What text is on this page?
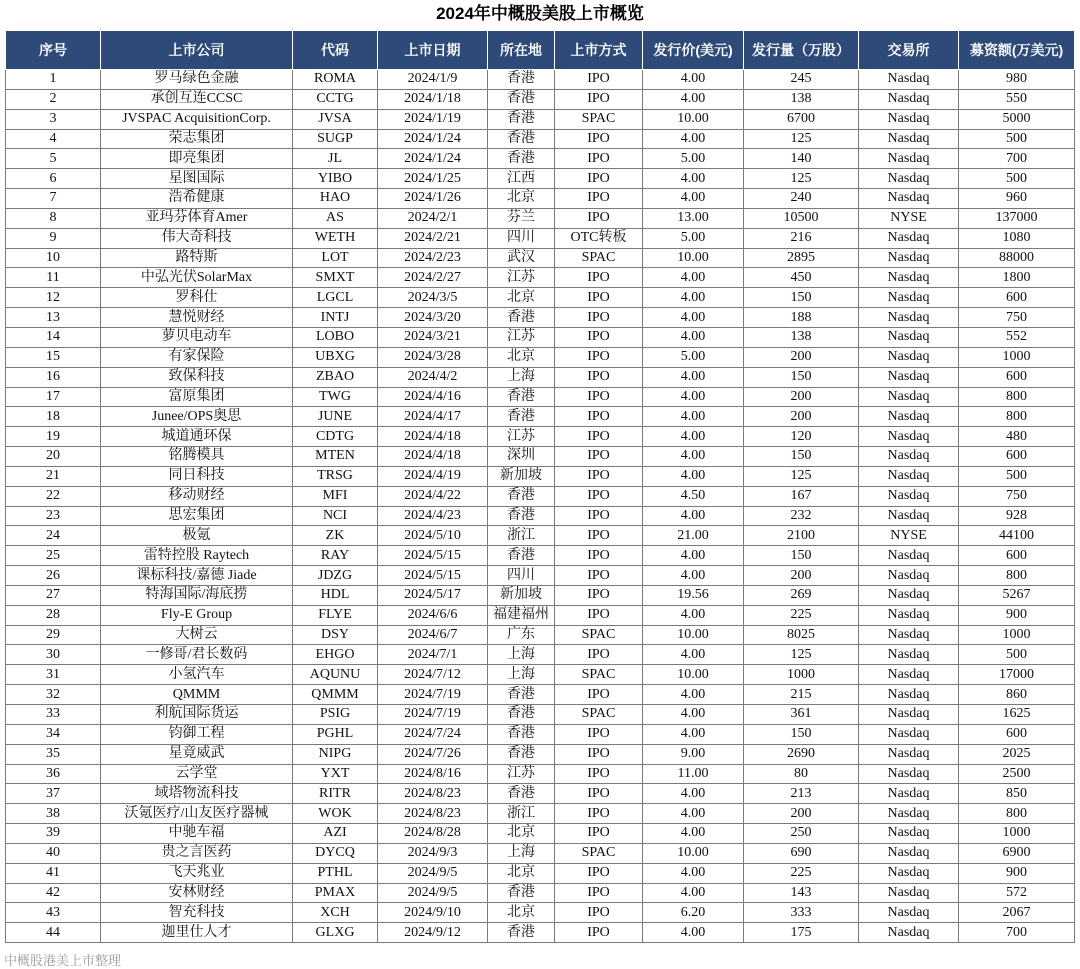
2024年中概股美股上市概览
序号	上市公司	代码	上市日期	所在地	上市方式	发行价(美元)	发行量（万股）	交易所	募资额(万美元)
1	罗马绿色金融	ROMA	2024/1/9	香港	IPO	4.00	245	Nasdaq	980
2	承创互连CCSC	CCTG	2024/1/18	香港	IPO	4.00	138	Nasdaq	550
3	JVSPAC AcquisitionCorp.	JVSA	2024/1/19	香港	SPAC	10.00	6700	Nasdaq	5000
4	荣志集团	SUGP	2024/1/24	香港	IPO	4.00	125	Nasdaq	500
5	即亮集团	JL	2024/1/24	香港	IPO	5.00	140	Nasdaq	700
6	星图国际	YIBO	2024/1/25	江西	IPO	4.00	125	Nasdaq	500
7	浩希健康	HAO	2024/1/26	北京	IPO	4.00	240	Nasdaq	960
8	亚玛芬体育Amer	AS	2024/2/1	芬兰	IPO	13.00	10500	NYSE	137000
9	伟大奇科技	WETH	2024/2/21	四川	OTC转板	5.00	216	Nasdaq	1080
10	路特斯	LOT	2024/2/23	武汉	SPAC	10.00	2895	Nasdaq	88000
11	中弘光伏SolarMax	SMXT	2024/2/27	江苏	IPO	4.00	450	Nasdaq	1800
12	罗科仕	LGCL	2024/3/5	北京	IPO	4.00	150	Nasdaq	600
13	慧悦财经	INTJ	2024/3/20	香港	IPO	4.00	188	Nasdaq	750
14	萝贝电动车	LOBO	2024/3/21	江苏	IPO	4.00	138	Nasdaq	552
15	有家保险	UBXG	2024/3/28	北京	IPO	5.00	200	Nasdaq	1000
16	致保科技	ZBAO	2024/4/2	上海	IPO	4.00	150	Nasdaq	600
17	富原集团	TWG	2024/4/16	香港	IPO	4.00	200	Nasdaq	800
18	Junee/OPS奥思	JUNE	2024/4/17	香港	IPO	4.00	200	Nasdaq	800
19	城道通环保	CDTG	2024/4/18	江苏	IPO	4.00	120	Nasdaq	480
20	铭腾模具	MTEN	2024/4/18	深圳	IPO	4.00	150	Nasdaq	600
21	同日科技	TRSG	2024/4/19	新加坡	IPO	4.00	125	Nasdaq	500
22	移动财经	MFI	2024/4/22	香港	IPO	4.50	167	Nasdaq	750
23	思宏集团	NCI	2024/4/23	香港	IPO	4.00	232	Nasdaq	928
24	极氪	ZK	2024/5/10	浙江	IPO	21.00	2100	NYSE	44100
25	雷特控股 Raytech	RAY	2024/5/15	香港	IPO	4.00	150	Nasdaq	600
26	课标科技/嘉德 Jiade	JDZG	2024/5/15	四川	IPO	4.00	200	Nasdaq	800
27	特海国际/海底捞	HDL	2024/5/17	新加坡	IPO	19.56	269	Nasdaq	5267
28	Fly-E Group	FLYE	2024/6/6	福建福州	IPO	4.00	225	Nasdaq	900
29	大树云	DSY	2024/6/7	广东	SPAC	10.00	8025	Nasdaq	1000
30	一修哥/君长数码	EHGO	2024/7/1	上海	IPO	4.00	125	Nasdaq	500
31	小氢汽车	AQUNU	2024/7/12	上海	SPAC	10.00	1000	Nasdaq	17000
32	QMMM	QMMM	2024/7/19	香港	IPO	4.00	215	Nasdaq	860
33	利航国际货运	PSIG	2024/7/19	香港	SPAC	4.00	361	Nasdaq	1625
34	钧御工程	PGHL	2024/7/24	香港	IPO	4.00	150	Nasdaq	600
35	星竟威武	NIPG	2024/7/26	香港	IPO	9.00	2690	Nasdaq	2025
36	云学堂	YXT	2024/8/16	江苏	IPO	11.00	80	Nasdaq	2500
37	域塔物流科技	RITR	2024/8/23	香港	IPO	4.00	213	Nasdaq	850
38	沃氪医疗/山友医疗器械	WOK	2024/8/23	浙江	IPO	4.00	200	Nasdaq	800
39	中驰车福	AZI	2024/8/28	北京	IPO	4.00	250	Nasdaq	1000
40	贵之言医药	DYCQ	2024/9/3	上海	SPAC	10.00	690	Nasdaq	6900
41	飞天兆业	PTHL	2024/9/5	北京	IPO	4.00	225	Nasdaq	900
42	安林财经	PMAX	2024/9/5	香港	IPO	4.00	143	Nasdaq	572
43	智充科技	XCH	2024/9/10	北京	IPO	6.20	333	Nasdaq	2067
44	迦里仕人才	GLXG	2024/9/12	香港	IPO	4.00	175	Nasdaq	700
中概股港美上市整理
